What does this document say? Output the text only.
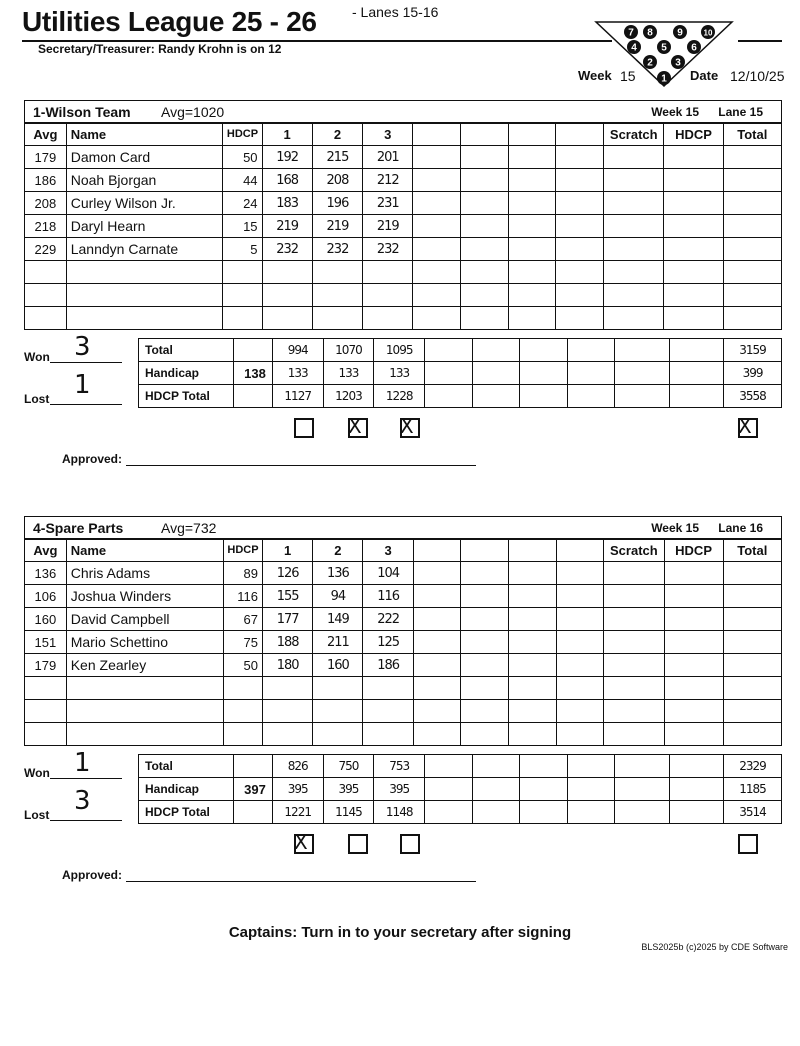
Utilities League 25 - 26	- Lanes 15-16
Secretary/Treasurer: Randy Krohn is on 12
7 8 9	10
4 5 6
2 3
1
Week 15	Date 12/10/25
1-Wilson Team Avg=1020	Week 15 Lane 15
Avg	Name	HDCP	1	2	3					Scratch	HDCP	Total
179	Damon Card	50	192	215	201							
186	Noah Bjorgan	44	168	208	212							
208	Curley Wilson Jr.	24	183	196	231							
218	Daryl Hearn	15	219	219	219							
229	Lanndyn Carnate	5	232	232	232							

Total		994	1070	1095							3159
Handicap	138	133	133	133							399
HDCP Total		1127	1203	1228							3558
Won 3
Lost 1
X X	X
Approved:
4-Spare Parts	Avg=732	Week 15 Lane 16
Avg	Name	HDCP	1	2	3					Scratch	HDCP	Total
136	Chris Adams	89	126	136	104							
106	Joshua Winders	116	155	94	116							
160	David Campbell	67	177	149	222							
151	Mario Schettino	75	188	211	125							
179	Ken Zearley	50	180	160	186							

Total		826	750	753							2329
Handicap	397	395	395	395							1185
HDCP Total		1221	1145	1148							3514
Won 1
Lost 3
X
Approved:
Captains: Turn in to your secretary after signing
BLS2025b (c)2025 by CDE Software
